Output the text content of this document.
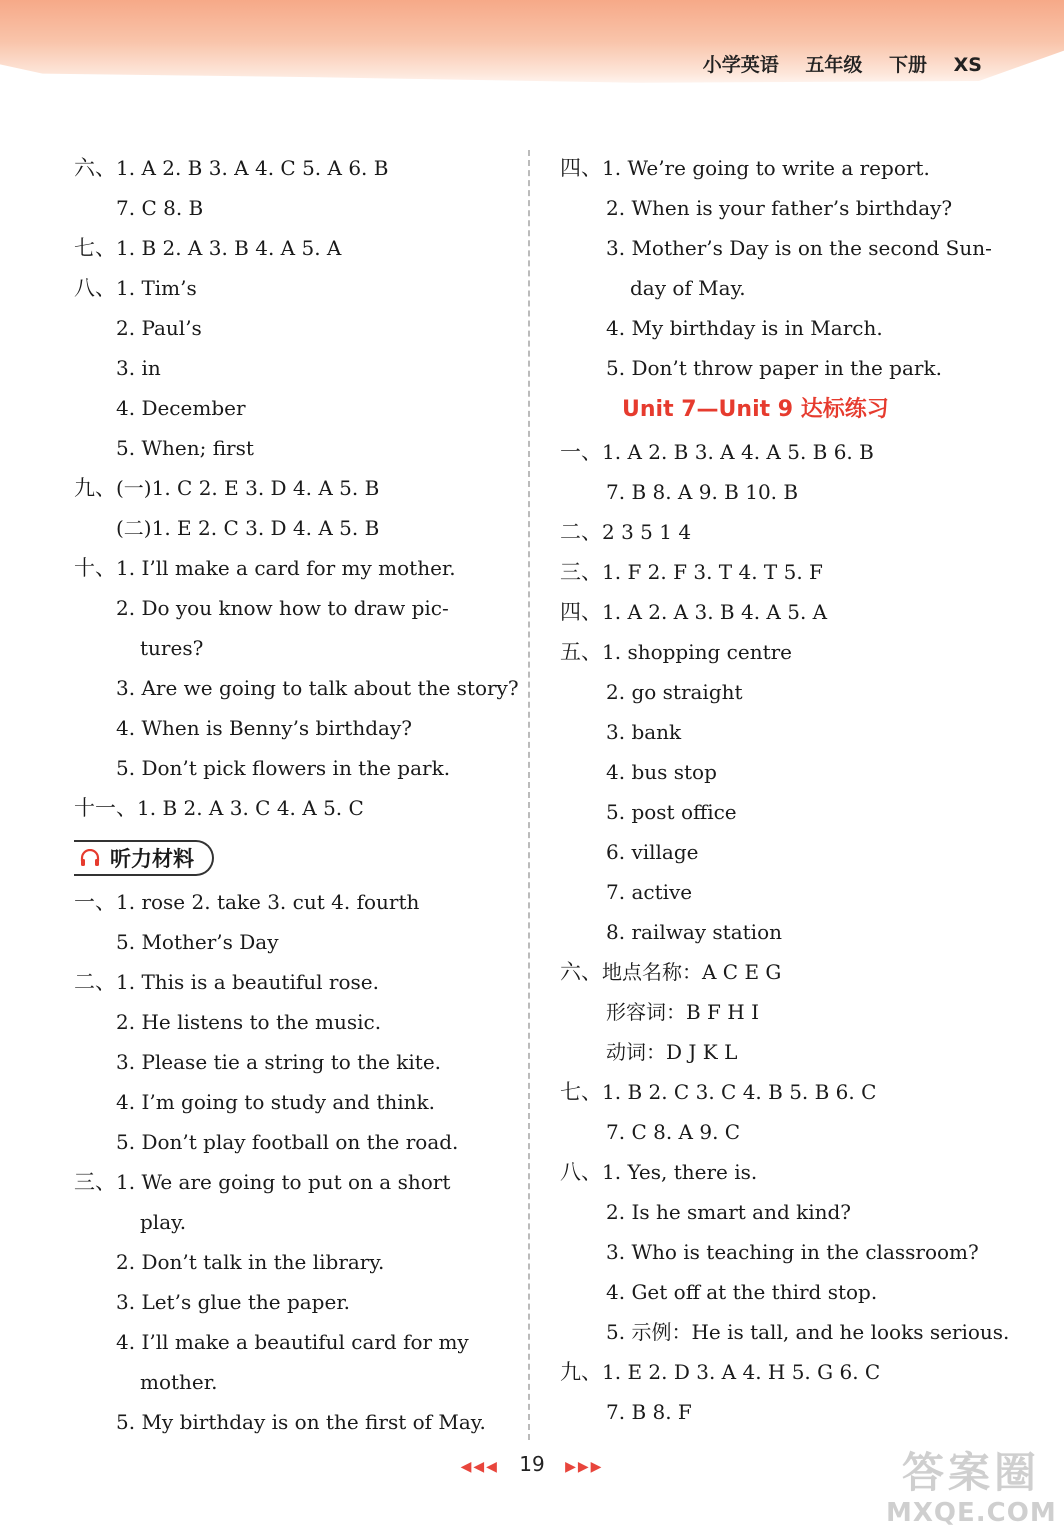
小学英语 五年级 下册 XS
六、1. A 2. B 3. A 4. C 5. A 6. B
7. C 8. B
七、1. B 2. A 3. B 4. A 5. A
八、1. Tim’s
2. Paul’s
3. in
4. December
5. When; first
九、(一)1. C 2. E 3. D 4. A 5. B
(二)1. E 2. C 3. D 4. A 5. B
十、1. I’ll make a card for my mother.
2. Do you know how to draw pic-
tures?
3. Are we going to talk about the story?
4. When is Benny’s birthday?
5. Don’t pick flowers in the park.
十一、1. B 2. A 3. C 4. A 5. C
听力材料
一、1. rose 2. take 3. cut 4. fourth
5. Mother’s Day
二、1. This is a beautiful rose.
2. He listens to the music.
3. Please tie a string to the kite.
4. I’m going to study and think.
5. Don’t play football on the road.
三、1. We are going to put on a short
play.
2. Don’t talk in the library.
3. Let’s glue the paper.
4. I’ll make a beautiful card for my
mother.
5. My birthday is on the first of May.
四、1. We’re going to write a report.
2. When is your father’s birthday?
3. Mother’s Day is on the second Sun-
day of May.
4. My birthday is in March.
5. Don’t throw paper in the park.
Unit 7—Unit 9 达标练习
一、1. A 2. B 3. A 4. A 5. B 6. B
7. B 8. A 9. B 10. B
二、2 3 5 1 4
三、1. F 2. F 3. T 4. T 5. F
四、1. A 2. A 3. B 4. A 5. A
五、1. shopping centre
2. go straight
3. bank
4. bus stop
5. post office
6. village
7. active
8. railway station
六、地点名称：A C E G
形容词：B F H I
动词：D J K L
七、1. B 2. C 3. C 4. B 5. B 6. C
7. C 8. A 9. C
八、1. Yes, there is.
2. Is he smart and kind?
3. Who is teaching in the classroom?
4. Get off at the third stop.
5. 示例：He is tall, and he looks serious.
九、1. E 2. D 3. A 4. H 5. G 6. C
7. B 8. F
◀◀◀ 19 ▶▶▶	答案圈
MXQE.COM
